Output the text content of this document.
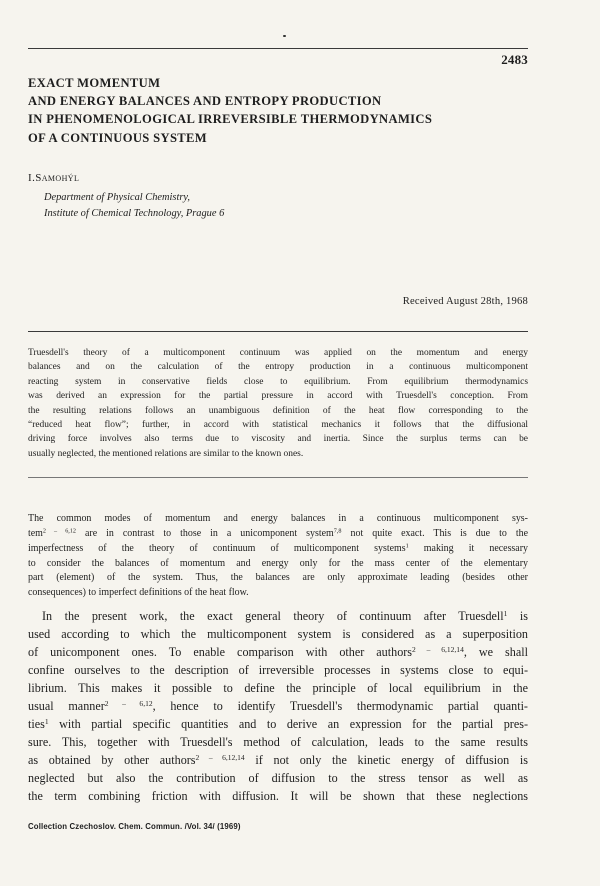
2483
EXACT MOMENTUM
AND ENERGY BALANCES AND ENTROPY PRODUCTION
IN PHENOMENOLOGICAL IRREVERSIBLE THERMODYNAMICS
OF A CONTINUOUS SYSTEM
I.Samohýl
Department of Physical Chemistry,
Institute of Chemical Technology, Prague 6
Received August 28th, 1968
Truesdell's theory of a multicomponent continuum was applied on the momentum and energy
balances and on the calculation of the entropy production in a continuous multicomponent
reacting system in conservative fields close to equilibrium. From equilibrium thermodynamics
was derived an expression for the partial pressure in accord with Truesdell's conception. From
the resulting relations follows an unambiguous definition of the heat flow corresponding to the
“reduced heat flow”; further, in accord with statistical mechanics it follows that the diffusional
driving force involves also terms due to viscosity and inertia. Since the surplus terms can be
usually neglected, the mentioned relations are similar to the known ones.
The common modes of momentum and energy balances in a continuous multicomponent sys-
tem$^{2 - 6,12}$ are in contrast to those in a unicomponent system$^{7,8}$ not quite exact. This is due to the
imperfectness of the theory of continuum of multicomponent systems$^1$ making it necessary
to consider the balances of momentum and energy only for the mass center of the elementary
part (element) of the system. Thus, the balances are only approximate leading (besides other
consequences) to imperfect definitions of the heat flow.
In the present work, the exact general theory of continuum after Truesdell$^1$ is
used according to which the multicomponent system is considered as a superposition
of unicomponent ones. To enable comparison with other authors$^{2 - 6,12,14}$, we shall
confine ourselves to the description of irreversible processes in systems close to equi-
librium. This makes it possible to define the principle of local equilibrium in the
usual manner$^{2 - 6,12}$, hence to identify Truesdell's thermodynamic partial quanti-
ties$^1$ with partial specific quantities and to derive an expression for the partial pres-
sure. This, together with Truesdell's method of calculation, leads to the same results
as obtained by other authors$^{2 - 6,12,14}$ if not only the kinetic energy of diffusion is
neglected but also the contribution of diffusion to the stress tensor as well as
the term combining friction with diffusion. It will be shown that these neglections
Collection Czechoslov. Chem. Commun. /Vol. 34/ (1969)
